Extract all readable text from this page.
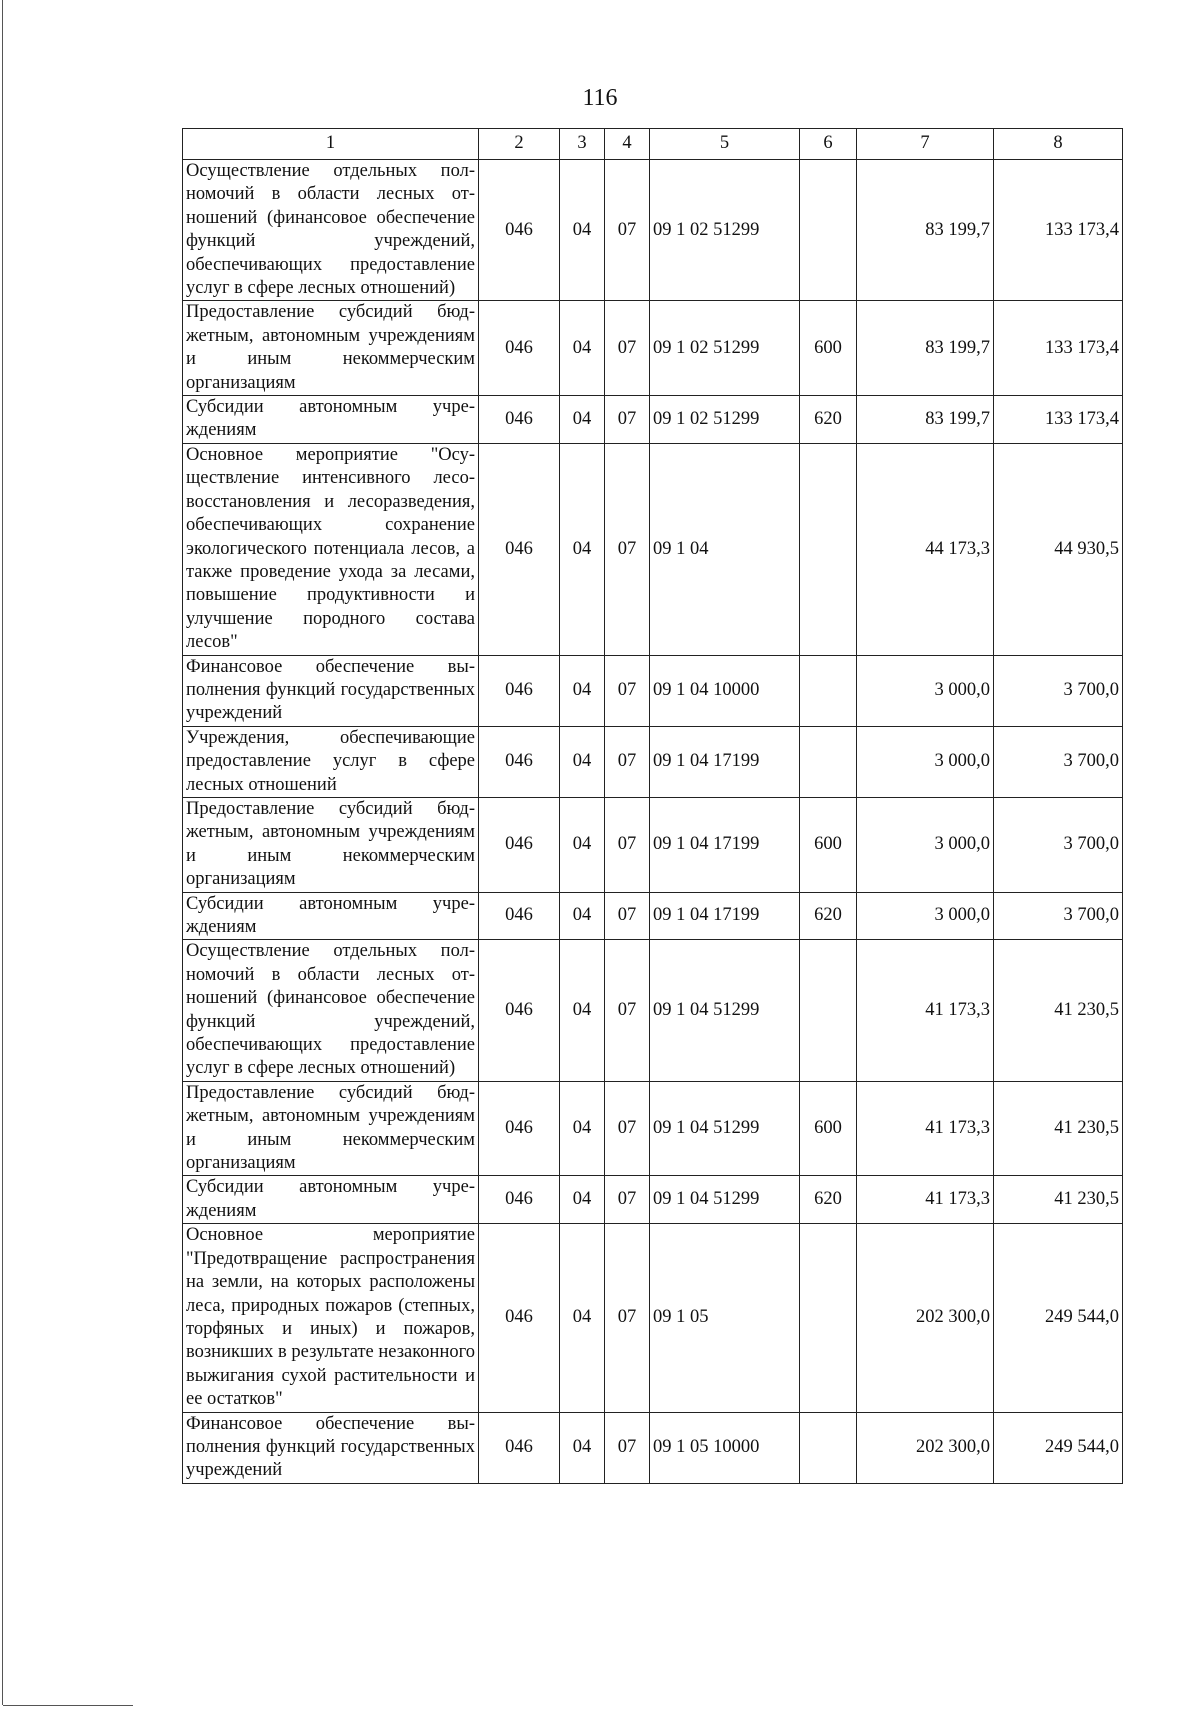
116
1	2	3	4	5	6	7	8
Осуществление отдельных полномочий в области лесных отношений (финансовое обеспечение функций учреждений, обеспечивающих предоставление услуг в сфере лесных отношений)	046	04	07	09 1 02 51299		83 199,7	133 173,4
Предоставление субсидий бюджетным, автономным учреждениям и иным некоммерческим организациям	046	04	07	09 1 02 51299	600	83 199,7	133 173,4
Субсидии автономным учреждениям	046	04	07	09 1 02 51299	620	83 199,7	133 173,4
Основное мероприятие "Осуществление интенсивного лесовосстановления и лесоразведения, обеспечивающих сохранение экологического потенциала лесов, а также проведение ухода за лесами, повышение продуктивности и улучшение породного состава лесов"	046	04	07	09 1 04		44 173,3	44 930,5
Финансовое обеспечение выполнения функций государственных учреждений	046	04	07	09 1 04 10000		3 000,0	3 700,0
Учреждения, обеспечивающие предоставление услуг в сфере лесных отношений	046	04	07	09 1 04 17199		3 000,0	3 700,0
Предоставление субсидий бюджетным, автономным учреждениям и иным некоммерческим организациям	046	04	07	09 1 04 17199	600	3 000,0	3 700,0
Субсидии автономным учреждениям	046	04	07	09 1 04 17199	620	3 000,0	3 700,0
Осуществление отдельных полномочий в области лесных отношений (финансовое обеспечение функций учреждений, обеспечивающих предоставление услуг в сфере лесных отношений)	046	04	07	09 1 04 51299		41 173,3	41 230,5
Предоставление субсидий бюджетным, автономным учреждениям и иным некоммерческим организациям	046	04	07	09 1 04 51299	600	41 173,3	41 230,5
Субсидии автономным учреждениям	046	04	07	09 1 04 51299	620	41 173,3	41 230,5
Основное мероприятие "Предотвращение распространения на земли, на которых расположены леса, природных пожаров (степных, торфяных и иных) и пожаров, возникших в результате незаконного выжигания сухой растительности и ее остатков"	046	04	07	09 1 05		202 300,0	249 544,0
Финансовое обеспечение выполнения функций государственных учреждений	046	04	07	09 1 05 10000		202 300,0	249 544,0
